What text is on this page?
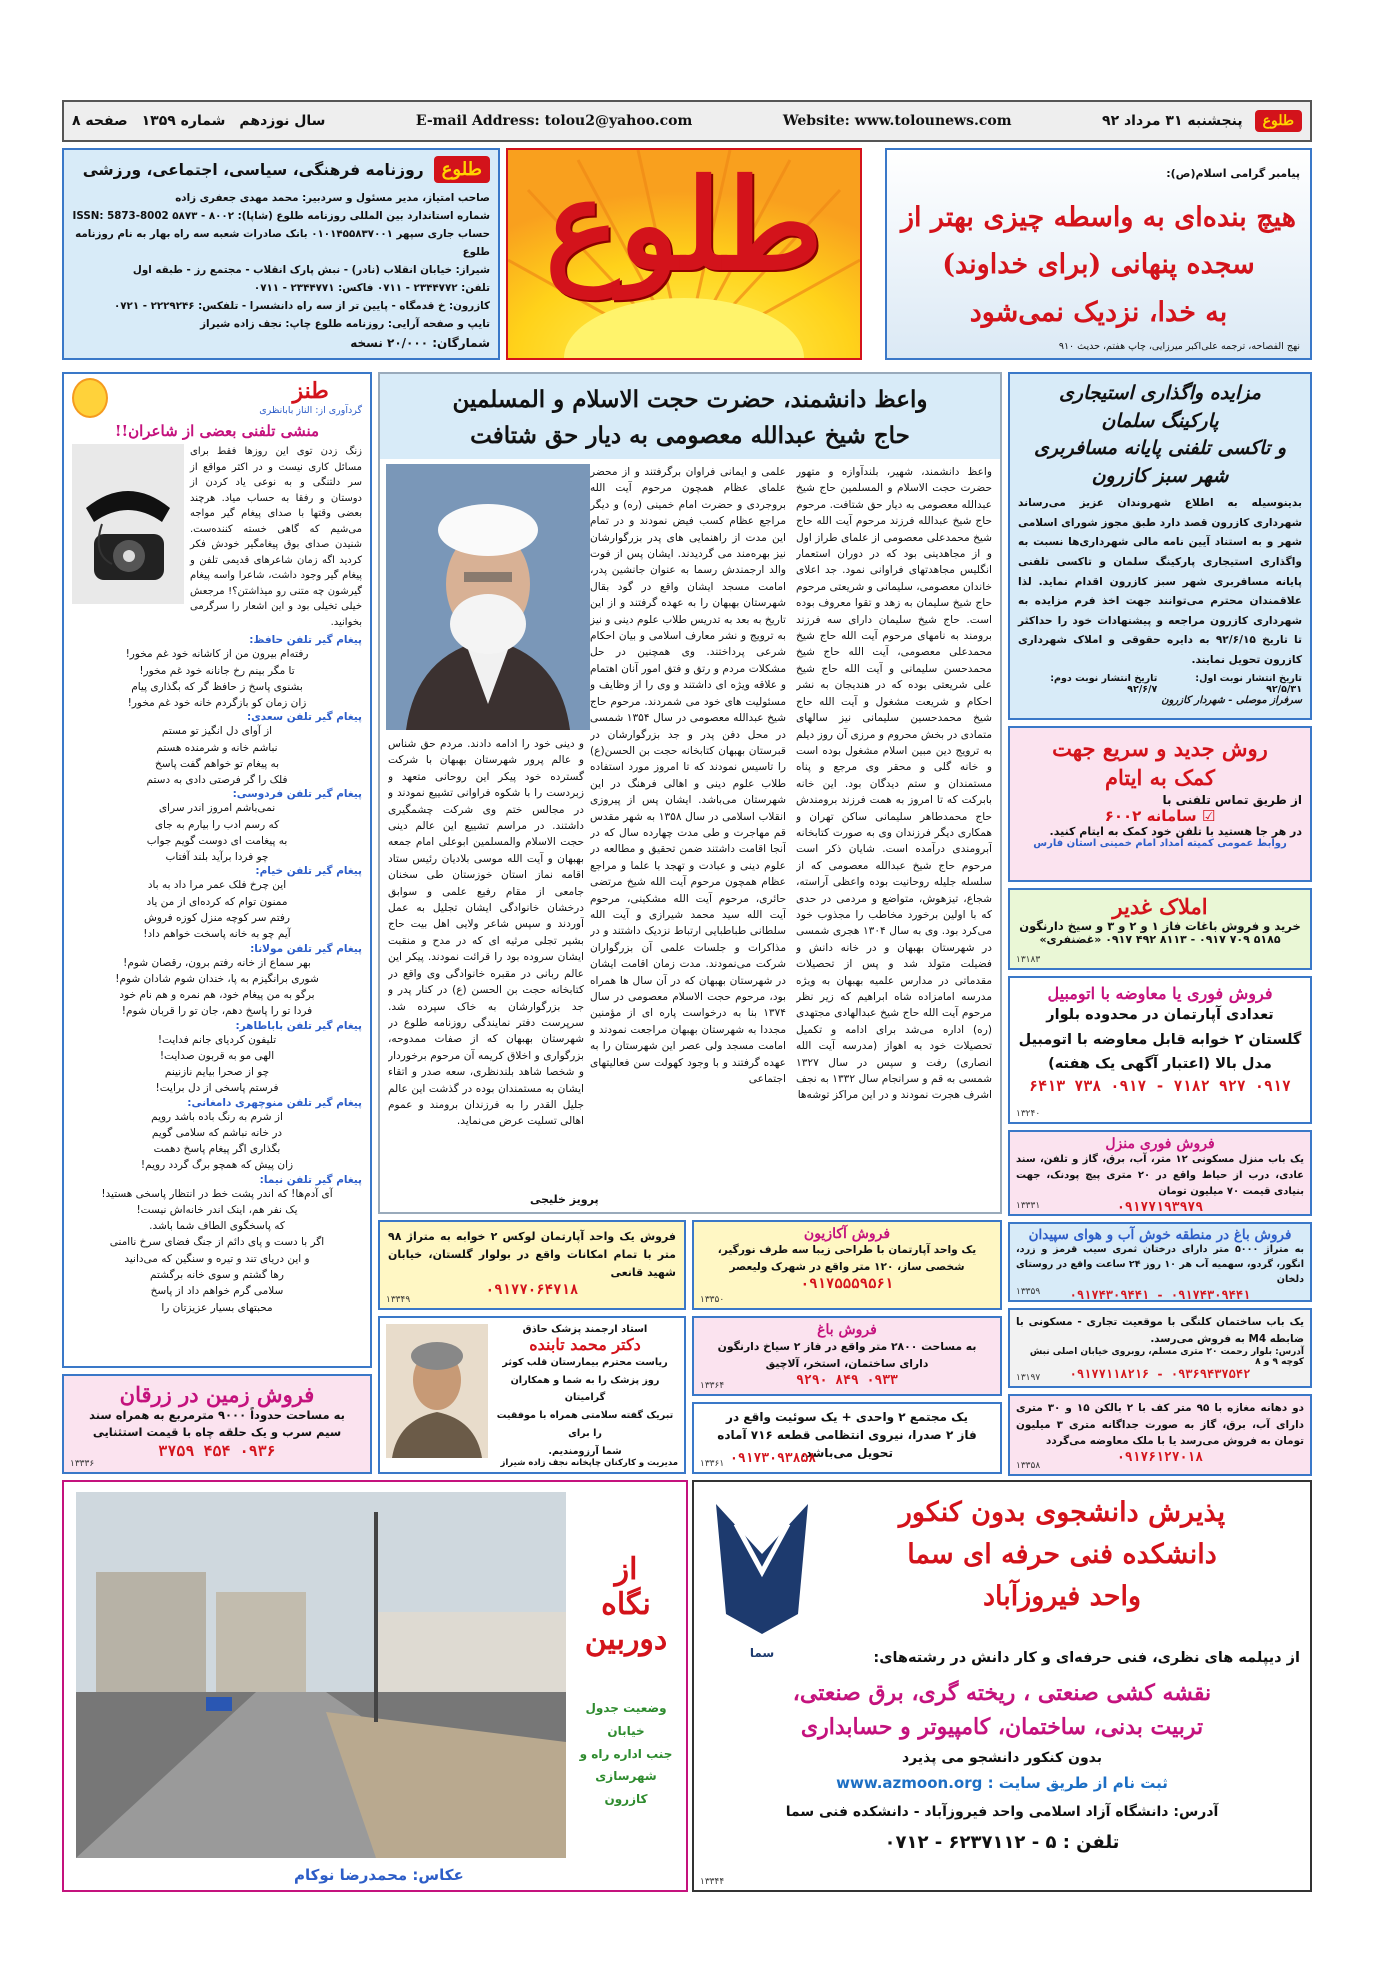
طلوع
پنجشنبه ۳۱ مرداد ۹۲
Website: www.tolounews.com
E-mail Address: tolou2@yahoo.com
سال نوزدهم
شماره ۱۳۵۹
صفحه ۸
پیامبر گرامی اسلام(ص):
هیچ بنده‌ای به واسطه چیزی بهتر از
سجده پنهانی (برای خداوند)
به خدا، نزدیک نمی‌شود
نهج الفصاحه، ترجمه علی‌اکبر میرزایی، چاپ هفتم، حدیث ۹۱۰
طلوع
طلوع
روزنامه فرهنگی، سیاسی، اجتماعی، ورزشی
صاحب امتیاز، مدیر مسئول و سردبیر: محمد مهدی جعفری زاده
شماره استاندارد بین المللی روزنامه طلوع (شاپا): ۸۰۰۲ - ۵۸۷۳ ISSN: 5873-8002
حساب جاری سپهر ۰۱۰۱۴۵۵۸۳۷۰۰۱ بانک صادرات شعبه سه راه بهار به نام روزنامه طلوع
شیراز: خیابان انقلاب (نادر) - نبش پارک انقلاب - مجتمع رز - طبقه اول
تلفن: ۲۳۴۴۷۷۲ - ۰۷۱۱ فاکس: ۲۳۴۴۷۷۱ - ۰۷۱۱
کازرون: خ قدمگاه - پایین تر از سه راه دانشسرا - تلفکس: ۲۲۲۹۲۴۶ - ۰۷۲۱
تایپ و صفحه آرایی: روزنامه طلوع چاپ: نجف زاده شیراز
شمارگان: ۲۰/۰۰۰ نسخه
مزایده واگذاری استیجاری
پارکینگ سلمان
و تاکسی تلفنی پایانه مسافربری
شهر سبز کازرون
بدینوسیله به اطلاع شهروندان عزیز می‌رساند شهرداری کازرون قصد دارد طبق مجوز شورای اسلامی شهر و به استناد آیین نامه مالی شهرداری‌ها نسبت به واگذاری استیجاری پارکینگ سلمان و تاکسی تلفنی پایانه مسافربری شهر سبز کازرون اقدام نماید. لذا علاقمندان محترم می‌توانند جهت اخذ فرم مزایده به شهرداری کازرون مراجعه و پیشنهادات خود را حداکثر تا تاریخ ۹۲/۶/۱۵ به دایره حقوقی و املاک شهرداری کازرون تحویل نمایند.
تاریخ انتشار نوبت اول: ۹۲/۵/۳۱
تاریخ انتشار نوبت دوم: ۹۲/۶/۷
سرفراز موصلی - شهردار کازرون
روش جدید و سریع جهت
کمک به ایتام
از طریق تماس تلفنی با
☑ سامانه ۶۰۰۲
در هر جا هستید با تلفن خود کمک به ایتام کنید.
روابط عمومی کمیته امداد امام خمینی استان فارس
املاک غدیر
خرید و فروش باغات فاز ۱ و ۲ و ۳ و سیخ دارنگون
۵۱۸۵ ۷۰۹ ۰۹۱۷ - ۸۱۱۳ ۴۹۲ ۰۹۱۷ «غضنفری»
۱۳۱۸۳
فروش فوری یا معاوضه با اتومبیل
تعدادی آپارتمان در محدوده بلوار
گلستان ۲ خوابه قابل معاوضه با اتومبیل
مدل بالا (اعتبار آگهی یک هفته)
۰۹۱۷ ۹۲۷ ۷۱۸۲ - ۰۹۱۷ ۷۳۸ ۶۴۱۳
۱۳۲۴۰
فروش فوری منزل
یک باب منزل مسکونی ۱۲ متر، آب، برق، گاز و تلفن، سند عادی، درب از حیاط واقع در ۲۰ متری پیچ پودنک، جهت بنیادی قیمت ۷۰ میلیون تومان
۰۹۱۷۷۱۹۳۹۷۹
۱۳۳۳۱
فروش باغ در منطقه خوش آب و هوای سپیدان
به متراژ ۵۰۰۰ متر دارای درختان ثمری سیب قرمز و زرد، انگور، گردو، سهمیه آب هر ۱۰ روز ۲۴ ساعت واقع در روستای دلخان
۰۹۱۷۴۳۰۹۴۴۱ - ۰۹۱۷۴۳۰۹۴۴۱
۱۳۳۵۹
یک باب ساختمان کلنگی با موقعیت تجاری - مسکونی با ضابطه M4 به فروش می‌رسد.
آدرس: بلوار رحمت ۲۰ متری مسلم، روبروی خیابان اصلی نبش کوچه ۹ و ۸
۰۹۳۶۹۴۳۷۵۴۲ - ۰۹۱۷۷۱۱۸۲۱۶
۱۳۱۹۷
دو دهانه مغازه با ۹۵ متر کف با ۲ بالکن ۱۵ و ۳۰ متری دارای آب، برق، گاز به صورت جداگانه متری ۳ میلیون تومان به فروش می‌رسد یا با ملک معاوضه می‌گردد
۰۹۱۷۶۱۲۷۰۱۸
۱۳۳۵۸
واعظ دانشمند، حضرت حجت الاسلام و المسلمین
حاج شیخ عبدالله معصومی به دیار حق شتافت
واعظ دانشمند، شهیر، بلندآوازه و متهور حضرت حجت الاسلام و المسلمین حاج شیخ عبدالله معصومی به دیار حق شتافت. مرحوم حاج شیخ عبدالله فرزند مرحوم آیت الله حاج شیخ محمدعلی معصومی از علمای طراز اول و از مجاهدینی بود که در دوران استعمار انگلیس مجاهدتهای فراوانی نمود. جد اعلای خاندان معصومی، سلیمانی و شریعتی مرحوم حاج شیخ سلیمان به زهد و تقوا معروف بوده است. حاج شیخ سلیمان دارای سه فرزند برومند به نامهای مرحوم آیت الله حاج شیخ محمدعلی معصومی، آیت الله حاج شیخ محمدحسن سلیمانی و آیت الله حاج شیخ علی شریعتی بوده که در هندیجان به نشر احکام و شریعت مشغول و آیت الله حاج شیخ محمدحسین سلیمانی نیز سالهای متمادی در بخش محروم و مرزی آن روز دیلم به ترویج دین مبین اسلام مشغول بوده است و خانه گلی و محقر وی مرجع و پناه مستمندان و ستم دیدگان بود. این خانه بابرکت که تا امروز به همت فرزند برومندش حاج محمدطاهر سلیمانی ساکن تهران و همکاری دیگر فرزندان وی به صورت کتابخانه آبرومندی درآمده است. شایان ذکر است مرحوم حاج شیخ عبدالله معصومی که از سلسله جلیله روحانیت بوده واعظی آراسته، شجاع، تیزهوش، متواضع و مردمی در حدی که با اولین برخورد مخاطب را مجذوب خود می‌کرد بود. وی به سال ۱۳۰۴ هجری شمسی در شهرستان بهبهان و در خانه دانش و فضیلت متولد شد و پس از تحصیلات مقدماتی در مدارس علمیه بهبهان به ویژه مدرسه امامزاده شاه ابراهیم که زیر نظر مرحوم آیت الله حاج شیخ عبدالهادی مجتهدی (ره) اداره می‌شد برای ادامه و تکمیل تحصیلات خود به اهواز (مدرسه آیت الله انصاری) رفت و سپس در سال ۱۳۲۷ شمسی به قم و سرانجام سال ۱۳۳۲ به نجف اشرف هجرت نمودند و در این مراکز توشه‌ها
علمی و ایمانی فراوان برگرفتند و از محضر علمای عظام همچون مرحوم آیت الله بروجردی و حضرت امام خمینی (ره) و دیگر مراجع عظام کسب فیض نمودند و در تمام این مدت از راهنمایی های پدر بزرگوارشان نیز بهره‌مند می گردیدند. ایشان پس از فوت والد ارجمندش رسما به عنوان جانشین پدر، امامت مسجد ایشان واقع در گود بقال شهرستان بهبهان را به عهده گرفتند و از این تاریخ به بعد به تدریس طلاب علوم دینی و نیز به ترویج و نشر معارف اسلامی و بیان احکام شرعی پرداختند. وی همچنین در حل مشکلات مردم و رتق و فتق امور آنان اهتمام و علاقه ویژه ای داشتند و وی را از وظایف و مسئولیت های خود می شمردند. مرحوم حاج شیخ عبدالله معصومی در سال ۱۳۵۴ شمسی در محل دفن پدر و جد بزرگوارشان در قبرستان بهبهان کتابخانه حجت بن الحسن(ع) را تاسیس نمودند که تا امروز مورد استفاده طلاب علوم دینی و اهالی فرهنگ در این شهرستان می‌باشد. ایشان پس از پیروزی انقلاب اسلامی در سال ۱۳۵۸ به شهر مقدس قم مهاجرت و طی مدت چهارده سال که در آنجا اقامت داشتند ضمن تحقیق و مطالعه در علوم دینی و عبادت و تهجد با علما و مراجع عظام همچون مرحوم آیت الله شیخ مرتضی حائری، مرحوم آیت الله مشکینی، مرحوم آیت الله سید محمد شیرازی و آیت الله سلطانی طباطبایی ارتباط نزدیک داشتند و در مذاکرات و جلسات علمی آن بزرگواران شرکت می‌نمودند. مدت زمان اقامت ایشان در شهرستان بهبهان که در آن سال ها همراه بود، مرحوم حجت الاسلام معصومی در سال ۱۳۷۴ بنا به درخواست پاره ای از مؤمنین مجددا به شهرستان بهبهان مراجعت نمودند و امامت مسجد ولی عصر این شهرستان را به عهده گرفتند و با وجود کهولت سن فعالیتهای اجتماعی
و دینی خود را ادامه دادند. مردم حق شناس و عالم پرور شهرستان بهبهان با شرکت گسترده خود پیکر این روحانی متعهد و زبردست را با شکوه فراوانی تشییع نمودند و در مجالس ختم وی شرکت چشمگیری داشتند. در مراسم تشییع این عالم دینی حجت الاسلام والمسلمین ابوعلی امام جمعه بهبهان و آیت الله موسی بلادیان رئیس ستاد اقامه نماز استان خوزستان طی سخنان جامعی از مقام رفیع علمی و سوابق درخشان خانوادگی ایشان تجلیل به عمل آوردند و سپس شاعر ولایی اهل بیت حاج بشیر تجلی مرثیه ای که در مدح و منقبت ایشان سروده بود را قرائت نمودند. پیکر این عالم ربانی در مقبره خانوادگی وی واقع در کتابخانه حجت بن الحسن (ع) در کنار پدر و جد بزرگوارشان به خاک سپرده شد. سرپرست دفتر نمایندگی روزنامه طلوع در شهرستان بهبهان که از صفات ممدوحه، بزرگواری و اخلاق کریمه آن مرحوم برخوردار و شخصا شاهد بلندنظری، سعه صدر و اتقاء ایشان به مستمندان بوده در گذشت این عالم جلیل القدر را به فرزندان برومند و عموم اهالی تسلیت عرض می‌نماید.
پرویز خلیجی
طنز
گردآوری از: الناز بابانظری
منشی تلفنی بعضی از شاعران!!
زنگ زدن توی این روزها فقط برای مسائل کاری نیست و در اکثر مواقع از سر دلتنگی و به نوعی یاد کردن از دوستان و رفقا به حساب میاد. هرچند بعضی وقتها با صدای پیغام گیر مواجه می‌شیم که گاهی خسته کننده‌ست. شنیدن صدای بوق پیغامگیر خودش فکر کردید اگه زمان شاعرهای قدیمی تلفن و پیغام گیر وجود داشت، شاعرا واسه پیغام گیرشون چه متنی رو میذاشتن؟! مرجعش خیلی تخیلی بود و این اشعار را سرگرمی بخوانید.
پیغام گیر تلفن حافظ:
رفته‌ام بیرون من از کاشانه خود غم مخور!
تا مگر بینم رخ جانانه خود غم مخور!
بشنوی پاسخ ز حافظ گر که بگذاری پیام
زان زمان کو بازگردم خانه خود غم مخور!
پیغام گیر تلفن سعدی:
از آوای دل انگیز تو مستم
نباشم خانه و شرمنده هستم
به پیغام تو خواهم گفت پاسخ
فلک را گر فرصتی دادی به دستم
پیغام گیر تلفن فردوسی:
نمی‌باشم امروز اندر سرای
که رسم ادب را بیارم به جای
به پیغامت ای دوست گویم جواب
چو فردا برآید بلند آفتاب
پیغام گیر تلفن خیام:
این چرخ فلک عمر مرا داد به باد
ممنون توام که کرده‌ای از من یاد
رفتم سر کوچه منزل کوزه فروش
آیم چو به خانه پاسخت خواهم داد!
پیغام گیر تلفن مولانا:
بهر سماع از خانه رفتم برون، رقصان شوم!
شوری برانگیزم به پا، خندان شوم شادان شوم!
برگو به من پیغام خود، هم نمره و هم نام خود
فردا تو را پاسخ دهم، جان تو را قربان شوم!
پیغام گیر تلفن باباطاهر:
تلیفون کردیای جانم فدایت!
الهی مو به قربون صدایت!
چو از صحرا بیایم نازنینم
فرستم پاسخی از دل برایت!
پیغام گیر تلفن منوچهری دامغانی:
از شرم به رنگ باده باشد رویم
در خانه نباشم که سلامی گویم
بگذاری اگر پیغام پاسخ دهمت
زان پیش که همچو برگ گردد رویم!
پیغام گیر تلفن نیما:
آی آدم‌ها! که اندر پشت خط در انتظار پاسخی هستید!
یک نفر هم، اینک اندر خانه‌اش نیست!
که پاسخگوی الطاف شما باشد.
اگر با دست و پای دائم از جنگ فضای سرخ ناامنی
و این دریای تند و تیره و سنگین که می‌دانید
رها گشتم و سوی خانه برگشتم
سلامی گرم خواهم داد از پاسخ
محبتهای بسیار عزیزتان را
فروش زمین در زرقان
به مساحت حدوداً ۹۰۰۰ مترمربع به همراه سند
سیم سرب و یک حلقه چاه با قیمت استثنایی
۰۹۳۶ ۴۵۴ ۳۷۵۹
۱۳۳۳۶
فروش یک واحد آپارتمان لوکس ۲ خوابه به متراژ ۹۸ متر با تمام امکانات واقع در بولوار گلستان، خیابان شهید قانعی
۰۹۱۷۷۰۶۴۷۱۸
۱۳۳۴۹
فروش آکازیون
یک واحد آپارتمان با طراحی زیبا سه طرف نورگیر، شخصی ساز، ۱۲۰ متر واقع در شهرک ولیعصر
۰۹۱۷۵۵۵۹۵۶۱
۱۳۳۵۰
استاد ارجمند پزشک حاذق
دکتر محمد تابنده
ریاست محترم بیمارستان قلب کوثر
روز پزشک را به شما و همکاران گرامیتان
تبریک گفته سلامتی همراه با موفقیت را برای
شما آرزومندیم.
مدیریت و کارکنان چاپخانه نجف زاده شیراز
فروش باغ
به مساحت ۲۸۰۰ متر واقع در فاز ۲ سیاخ دارنگون
دارای ساختمان، استخر، آلاچیق
۰۹۳۳ ۸۴۹ ۹۲۹۰
۱۳۳۶۴
یک مجتمع ۲ واحدی + یک سوئیت واقع در
فاز ۲ صدرا، نیروی انتظامی قطعه ۷۱۶ آماده
تحویل می‌باشد.
۰۹۱۷۳۰۹۳۸۵۸
۱۳۳۶۱
از
نگاه
دوربین
وضعیت جدول
خیابان
جنب اداره راه و
شهرسازی کازرون
عکاس: محمدرضا نوکام
سما
پذیرش دانشجوی بدون کنکور
دانشکده فنی حرفه ای سما
واحد فیروزآباد
از دیپلمه های نظری، فنی حرفه‌ای و کار دانش در رشته‌های:
نقشه کشی صنعتی ، ریخته گری، برق صنعتی،
تربیت بدنی، ساختمان، کامپیوتر و حسابداری
بدون کنکور دانشجو می پذیرد
ثبت نام از طریق سایت : www.azmoon.org
آدرس: دانشگاه آزاد اسلامی واحد فیروزآباد - دانشکده فنی سما
تلفن : ۵ - ۶۲۳۷۱۱۲ - ۰۷۱۲
۱۳۳۴۴
